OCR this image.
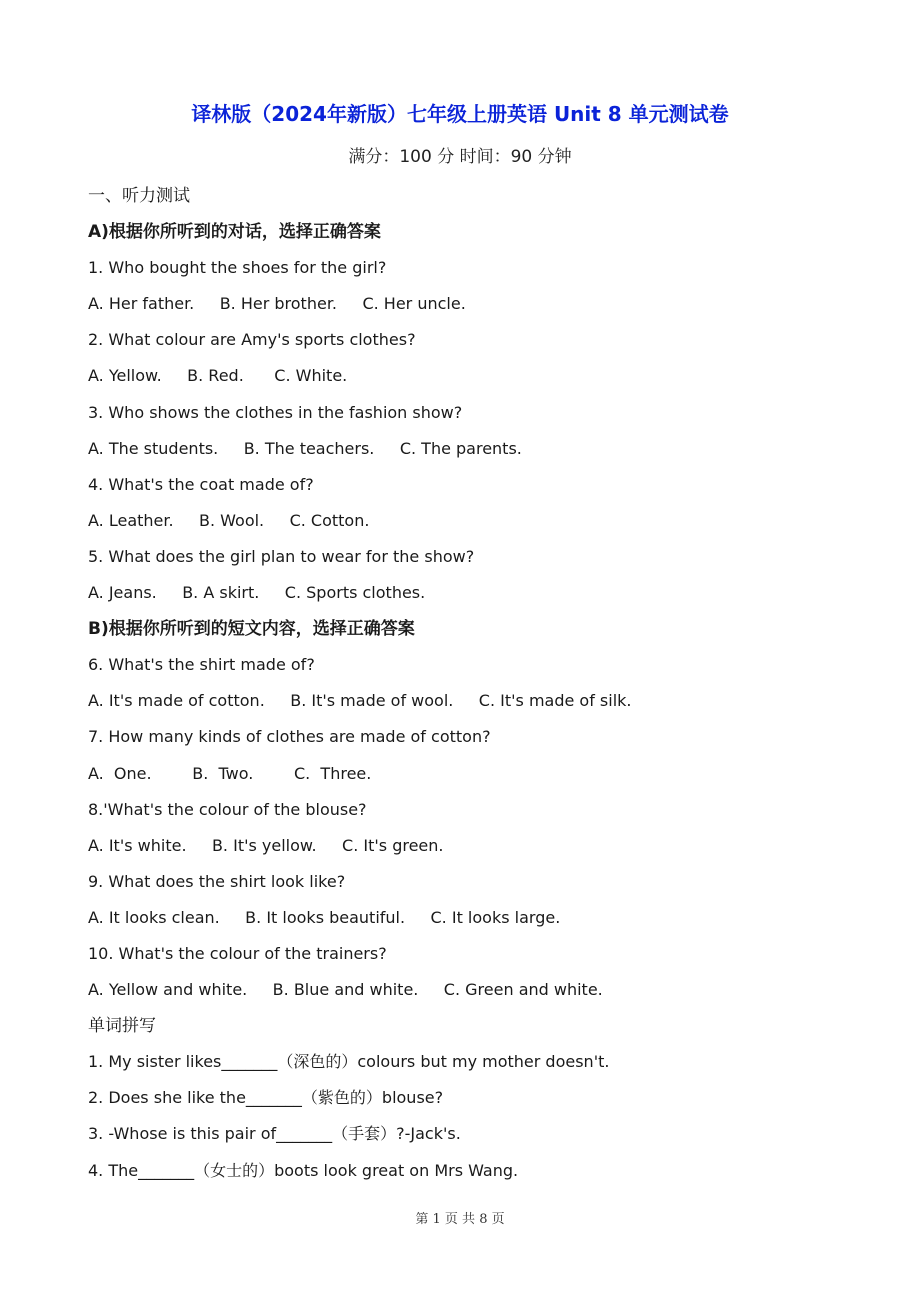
译林版（2024年新版）七年级上册英语 Unit 8 单元测试卷
满分：100 分 时间：90 分钟
一、听力测试
A)根据你所听到的对话，选择正确答案
1. Who bought the shoes for the girl?
A. Her father.     B. Her brother.     C. Her uncle.
2. What colour are Amy's sports clothes?
A. Yellow.     B. Red.      C. White.
3. Who shows the clothes in the fashion show?
A. The students.     B. The teachers.     C. The parents.
4. What's the coat made of?
A. Leather.     B. Wool.     C. Cotton.
5. What does the girl plan to wear for the show?
A. Jeans.     B. A skirt.     C. Sports clothes.
B)根据你所听到的短文内容，选择正确答案
6. What's the shirt made of?
A. It's made of cotton.     B. It's made of wool.     C. It's made of silk.
7. How many kinds of clothes are made of cotton?
A.  One.        B.  Two.        C.  Three.
8.'What's the colour of the blouse?
A. It's white.     B. It's yellow.     C. It's green.
9. What does the shirt look like?
A. It looks clean.     B. It looks beautiful.     C. It looks large.
10. What's the colour of the trainers?
A. Yellow and white.     B. Blue and white.     C. Green and white.
单词拼写
1. My sister likes_______（深色的）colours but my mother doesn't.
2. Does she like the_______（紫色的）blouse?
3. -Whose is this pair of_______（手套）?-Jack's.
4. The_______（女士的）boots look great on Mrs Wang.
第 1 页 共 8 页
